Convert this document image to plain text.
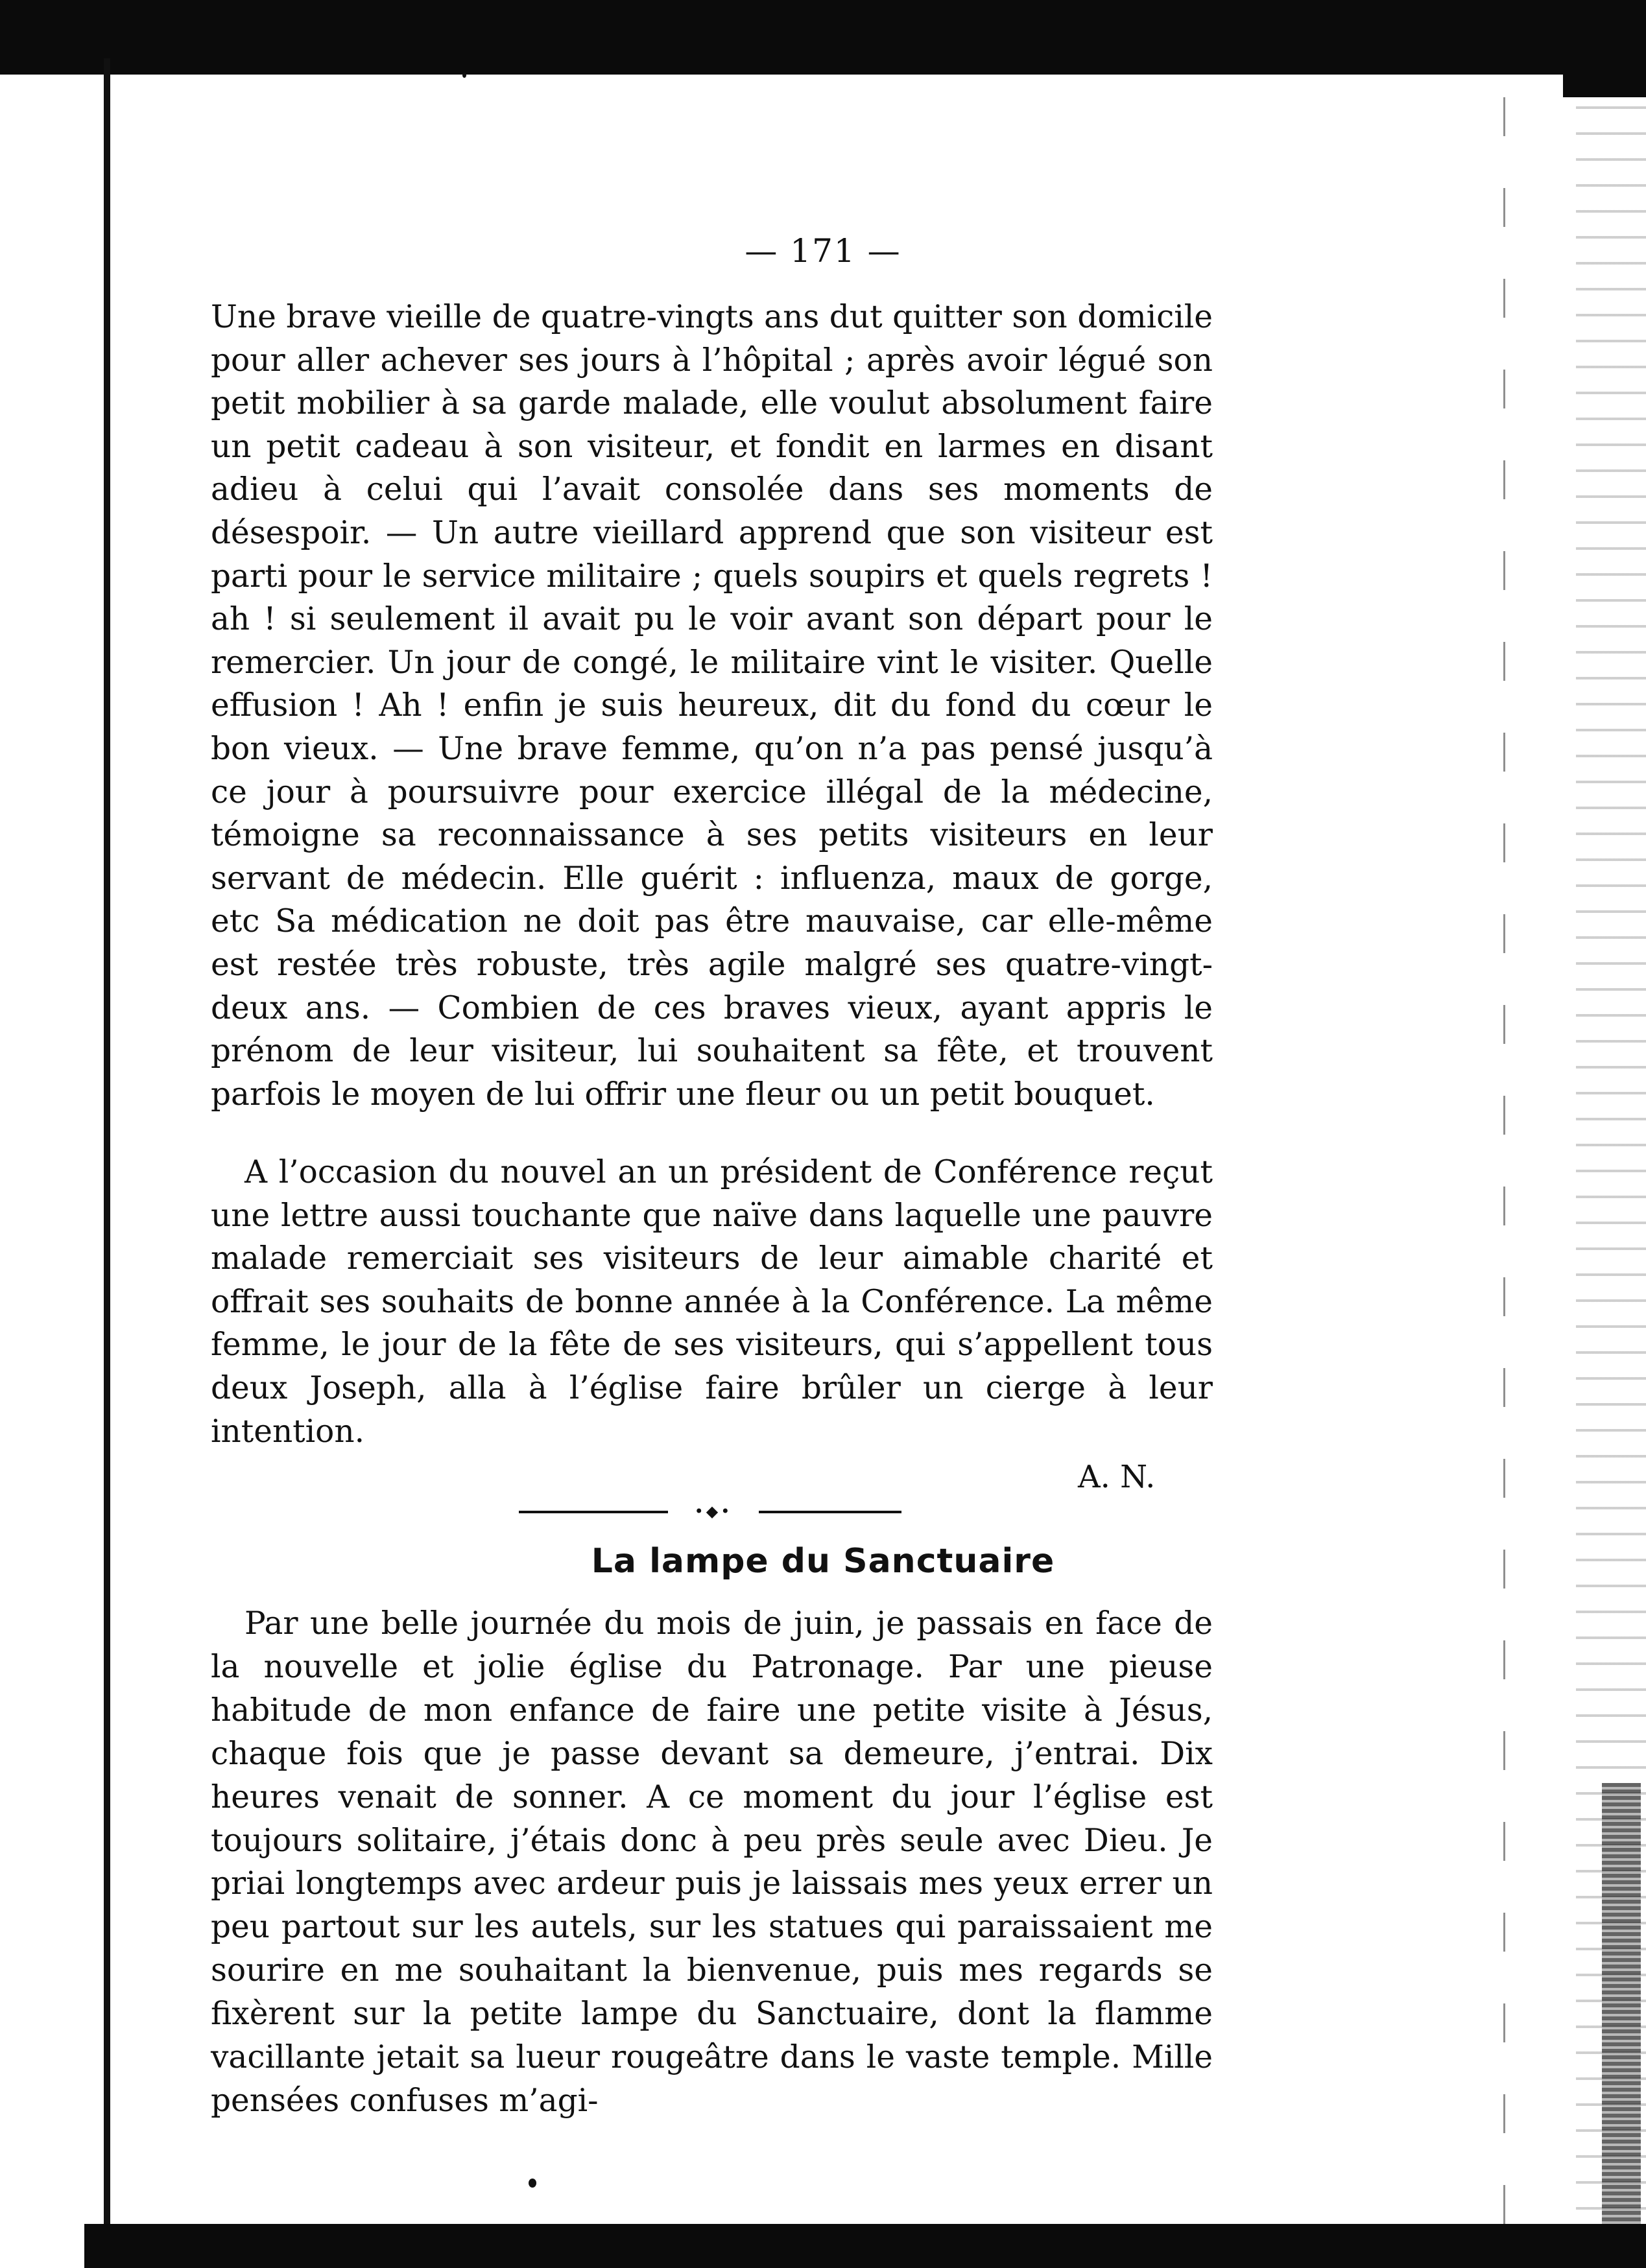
— 171 —
Une brave vieille de quatre-vingts ans dut quitter son domicile pour aller achever ses jours à l’hôpital ; après avoir légué son petit mobilier à sa garde malade, elle voulut absolument faire un petit cadeau à son visiteur, et fondit en larmes en disant adieu à celui qui l’avait consolée dans ses moments de désespoir. — Un autre vieillard apprend que son visiteur est parti pour le service militaire ; quels soupirs et quels regrets ! ah ! si seulement il avait pu le voir avant son départ pour le remercier. Un jour de congé, le militaire vint le visiter. Quelle effusion ! Ah ! enfin je suis heureux, dit du fond du cœur le bon vieux. — Une brave femme, qu’on n’a pas pensé jusqu’à ce jour à poursuivre pour exercice illégal de la médecine, témoigne sa reconnaissance à ses petits visiteurs en leur servant de médecin. Elle guérit : influenza, maux de gorge, etc Sa médication ne doit pas être mauvaise, car elle-même est restée très robuste, très agile malgré ses quatre-vingt-deux ans. — Combien de ces braves vieux, ayant appris le prénom de leur visiteur, lui souhaitent sa fête, et trouvent parfois le moyen de lui offrir une fleur ou un petit bouquet.
A l’occasion du nouvel an un président de Conférence reçut une lettre aussi touchante que naïve dans laquelle une pauvre malade remerciait ses visiteurs de leur aimable charité et offrait ses souhaits de bonne année à la Conférence. La même femme, le jour de la fête de ses visiteurs, qui s’appellent tous deux Joseph, alla à l’église faire brûler un cierge à leur intention.
A. N.
•◆•
La lampe du Sanctuaire
Par une belle journée du mois de juin, je passais en face de la nouvelle et jolie église du Patronage. Par une pieuse habitude de mon enfance de faire une petite visite à Jésus, chaque fois que je passe devant sa demeure, j’entrai. Dix heures venait de sonner. A ce moment du jour l’église est toujours solitaire, j’étais donc à peu près seule avec Dieu. Je priai longtemps avec ardeur puis je laissais mes yeux errer un peu partout sur les autels, sur les statues qui paraissaient me sourire en me souhaitant la bienvenue, puis mes regards se fixèrent sur la petite lampe du Sanctuaire, dont la flamme vacillante jetait sa lueur rougeâtre dans le vaste temple. Mille pensées confuses m’agi-
